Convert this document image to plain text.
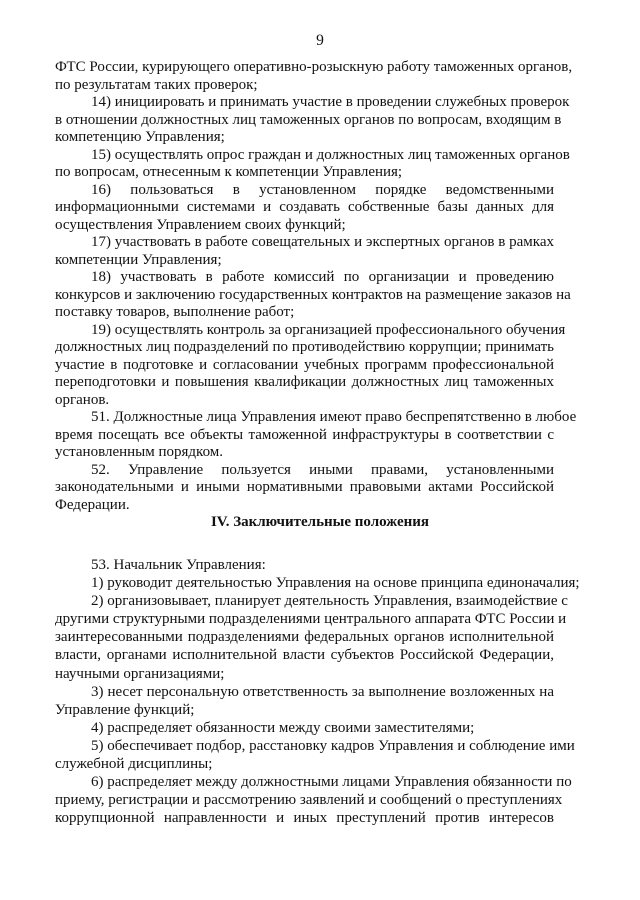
9
ФТС России, курирующего оперативно-розыскную работу таможенных органов,
по результатам таких проверок;
14) инициировать и принимать участие в проведении служебных проверок
в отношении должностных лиц таможенных органов по вопросам, входящим в
компетенцию Управления;
15) осуществлять опрос граждан и должностных лиц таможенных органов
по вопросам, отнесенным к компетенции Управления;
16) пользоваться в установленном порядке ведомственными
информационными системами и создавать собственные базы данных для
осуществления Управлением своих функций;
17) участвовать в работе совещательных и экспертных органов в рамках
компетенции Управления;
18) участвовать в работе комиссий по организации и проведению
конкурсов и заключению государственных контрактов на размещение заказов на
поставку товаров, выполнение работ;
19) осуществлять контроль за организацией профессионального обучения
должностных лиц подразделений по противодействию коррупции; принимать
участие в подготовке и согласовании учебных программ профессиональной
переподготовки и повышения квалификации должностных лиц таможенных
органов.
51. Должностные лица Управления имеют право беспрепятственно в любое
время посещать все объекты таможенной инфраструктуры в соответствии с
установленным порядком.
52. Управление пользуется иными правами, установленными
законодательными и иными нормативными правовыми актами Российской
Федерации.
IV. Заключительные положения
53. Начальник Управления:
1) руководит деятельностью Управления на основе принципа единоначалия;
2) организовывает, планирует деятельность Управления, взаимодействие с
другими структурными подразделениями центрального аппарата ФТС России и
заинтересованными подразделениями федеральных органов исполнительной
власти, органами исполнительной власти субъектов Российской Федерации,
научными организациями;
3) несет персональную ответственность за выполнение возложенных на
Управление функций;
4) распределяет обязанности между своими заместителями;
5) обеспечивает подбор, расстановку кадров Управления и соблюдение ими
служебной дисциплины;
6) распределяет между должностными лицами Управления обязанности по
приему, регистрации и рассмотрению заявлений и сообщений о преступлениях
коррупционной направленности и иных преступлений против интересов
